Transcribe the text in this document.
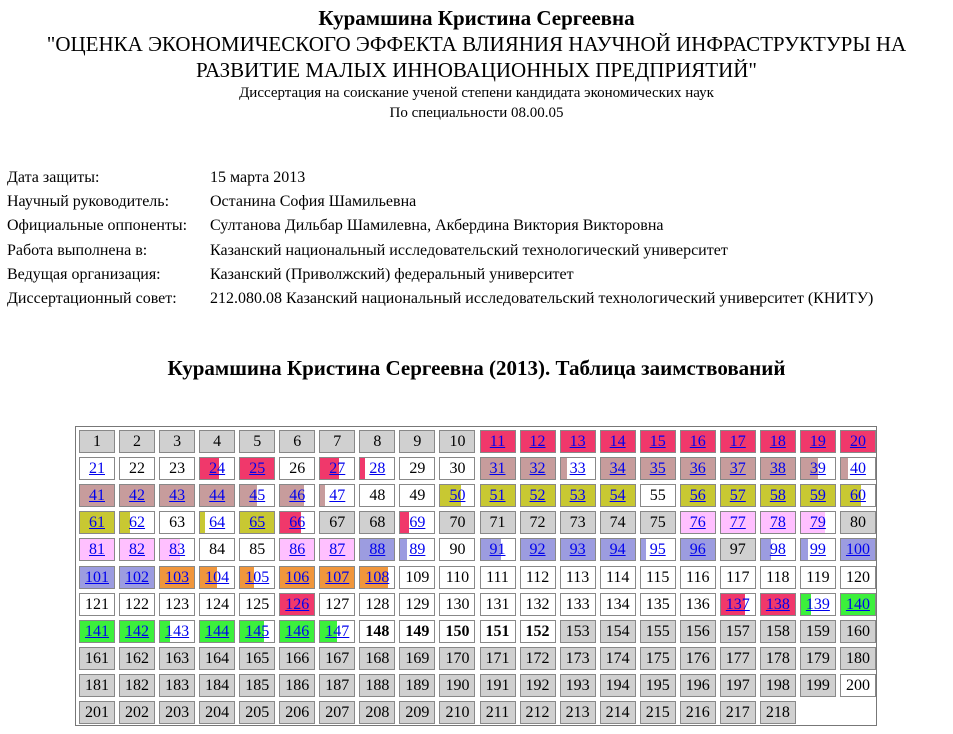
Курамшина Кристина Сергеевна
"ОЦЕНКА ЭКОНОМИЧЕСКОГО ЭФФЕКТА ВЛИЯНИЯ НАУЧНОЙ ИНФРАСТРУКТУРЫ НА
РАЗВИТИЕ МАЛЫХ ИННОВАЦИОННЫХ ПРЕДПРИЯТИЙ"
Диссертация на соискание ученой степени кандидата экономических наук
По специальности 08.00.05
Дата защиты:	15 марта 2013
Научный руководитель:	Останина София Шамильевна
Официальные оппоненты:	Султанова Дильбар Шамилевна, Акбердина Виктория Викторовна
Работа выполнена в:	Казанский национальный исследовательский технологический университет
Ведущая организация:	Казанский (Приволжский) федеральный университет
Диссертационный совет:	212.080.08 Казанский национальный исследовательский технологический университет (КНИТУ)
Курамшина Кристина Сергеевна (2013). Таблица заимствований
1	2	3	4	5	6	7	8	9	10	11	12	13	14	15	16	17	18	19	20
21	22	23	24	25	26	27	28	29	30	31	32	33	34	35	36	37	38	39	40
41	42	43	44	45	46	47	48	49	50	51	52	53	54	55	56	57	58	59	60
61	62	63	64	65	66	67	68	69	70	71	72	73	74	75	76	77	78	79	80
81	82	83	84	85	86	87	88	89	90	91	92	93	94	95	96	97	98	99	100
101	102	103	104	105	106	107	108	109	110	111	112	113	114	115	116	117	118	119	120
121	122	123	124	125	126	127	128	129	130	131	132	133	134	135	136	137	138	139	140
141	142	143	144	145	146	147	148	149	150	151	152	153	154	155	156	157	158	159	160
161	162	163	164	165	166	167	168	169	170	171	172	173	174	175	176	177	178	179	180
181	182	183	184	185	186	187	188	189	190	191	192	193	194	195	196	197	198	199	200
201	202	203	204	205	206	207	208	209	210	211	212	213	214	215	216	217	218
